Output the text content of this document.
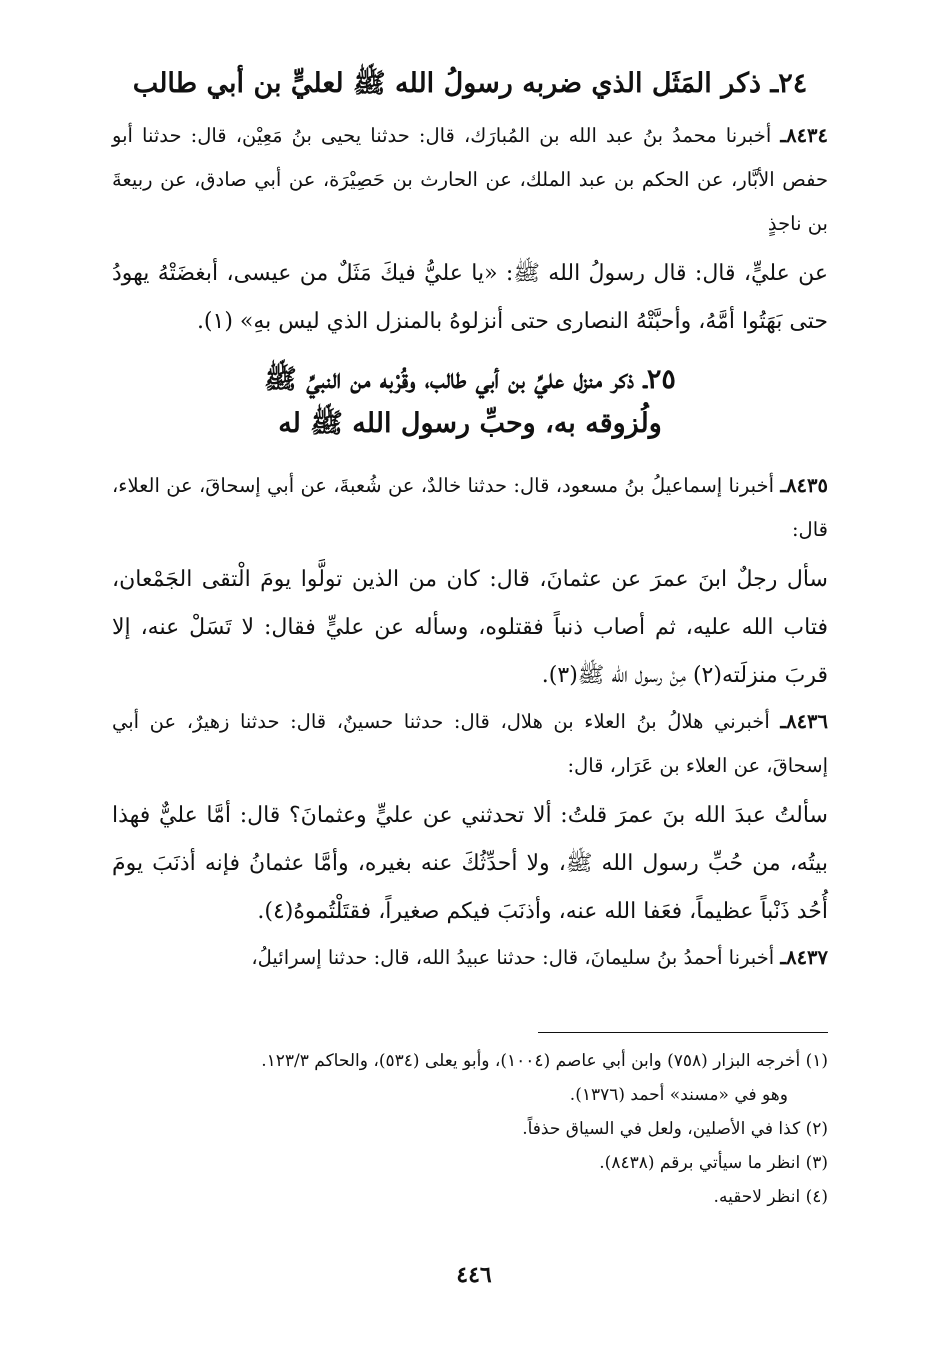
٢٤ـ ذكر المَثَل الذي ضربه رسولُ الله ﷺ لعليٍّ بن أبي طالب

٨٤٣٤ـ أخبرنا محمدُ بنُ عبد الله بن المُبارَك، قال: حدثنا يحيى بنُ مَعِيْن، قال: حدثنا أبو حفص الأبَّار، عن الحكم بن عبد الملك، عن الحارث بن حَصِيْرَة، عن أبي صادق، عن ربيعةَ بن ناجذٍ

عن عليٍّ، قال: قال رسولُ الله ﷺ: «يا عليُّ فيكَ مَثَلٌ من عيسى، أبغضَتْهُ يهودُ حتى بَهَتُوا أمَّهُ، وأحبَّتْهُ النصارى حتى أنزلوهُ بالمنزل الذي ليس بهِ» (١).

٢٥ـ ذكر منزل عليِّ بن أبي طالب، وقُرْبه من النبيِّ ﷺ
ولُزوقه به، وحبِّ رسول الله ﷺ له

٨٤٣٥ـ أخبرنا إسماعيلُ بنُ مسعود، قال: حدثنا خالدٌ، عن شُعبةَ، عن أبي إسحاقَ، عن العلاء، قال:

سأل رجلٌ ابنَ عمرَ عن عثمانَ، قال: كان من الذين تولَّوا يومَ الْتقى الجَمْعان، فتاب الله عليه، ثم أصاب ذنباً فقتلوه، وسأله عن عليٍّ فقال: لا تَسَلْ عنه، إلا قربَ منزلَته(٢) مِنْ رسول الله ﷺ(٣).

٨٤٣٦ـ أخبرني هلالُ بنُ العلاء بن هلال، قال: حدثنا حسينٌ، قال: حدثنا زهيرٌ، عن أبي إسحاقَ، عن العلاء بن عَرَار، قال:

سألتُ عبدَ الله بنَ عمرَ قلتُ: ألا تحدثني عن عليٍّ وعثمانَ؟ قال: أمَّا عليٌّ فهذا بيتُه، من حُبِّ رسول الله ﷺ، ولا أحدِّثُكَ عنه بغيره، وأمَّا عثمانُ فإنه أذنَبَ يومَ أُحُد ذَنْباً عظيماً، فعَفا الله عنه، وأذنَبَ فيكم صغيراً، فقتَلْتُموهُ(٤).

٨٤٣٧ـ أخبرنا أحمدُ بنُ سليمانَ، قال: حدثنا عبيدُ الله، قال: حدثنا إسرائيلُ،

(١) أخرجه البزار (٧٥٨) وابن أبي عاصم (١٠٠٤)، وأبو يعلى (٥٣٤)، والحاكم ١٢٣/٣.
وهو في «مسند» أحمد (١٣٧٦).
(٢) كذا في الأصلين، ولعل في السياق حذفاً.
(٣) انظر ما سيأتي برقم (٨٤٣٨).
(٤) انظر لاحقيه.
٤٤٦
